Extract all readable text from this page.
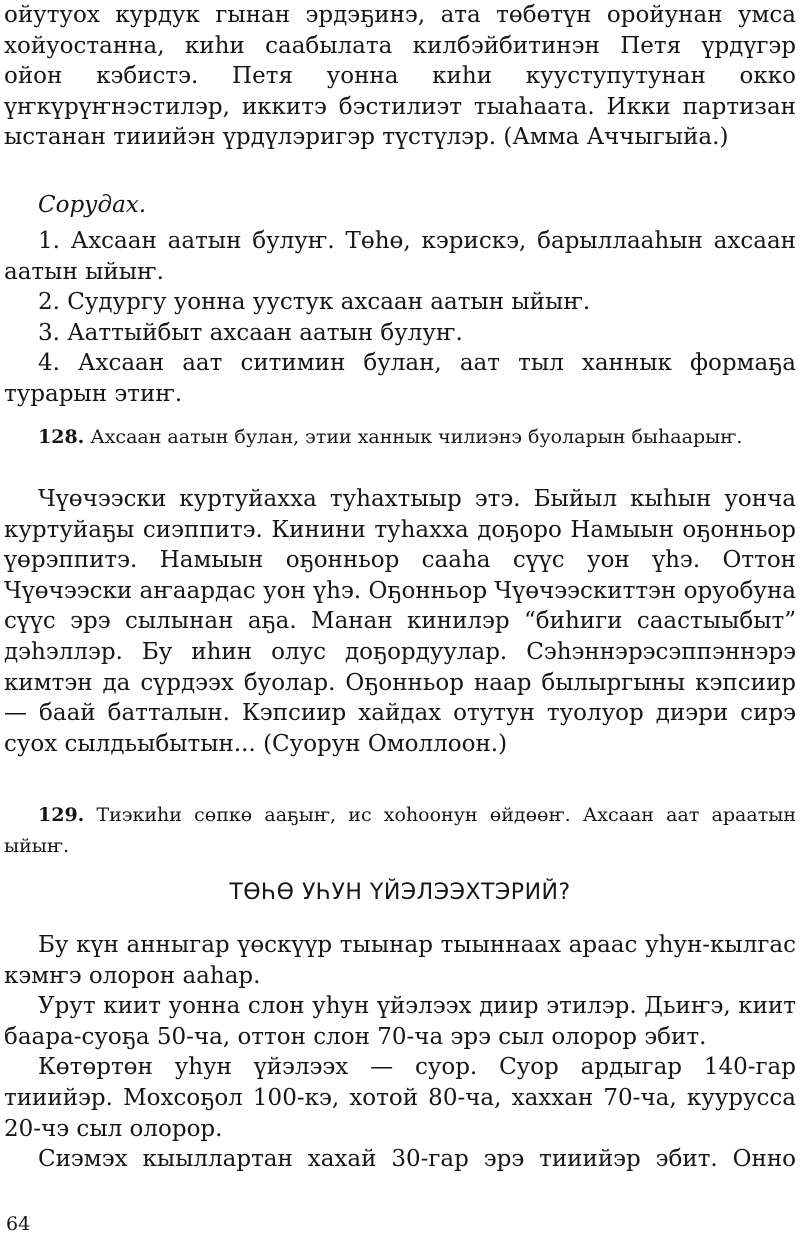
ойутуох курдук гынан эрдэҕинэ, ата төбөтүн оройунан умса хойуостанна, киһи саабылата килбэйбитинэн Петя үрдүгэр ойон кэбистэ. Петя уонна киһи кууступутунан окко үҥкүрүҥнэстилэр, иккитэ бэстилиэт тыаһаата. Икки партизан ыстанан тииийэн үрдүлэригэр түстүлэр. (Амма Аччыгыйа.)

Сорудах.

1. Ахсаан аатын булуҥ. Төһө, кэрискэ, барыллааһын ахсаан аатын ыйыҥ.

2. Судургу уонна уустук ахсаан аатын ыйыҥ.

3. Ааттыйбыт ахсаан аатын булуҥ.

4. Ахсаан аат ситимин булан, аат тыл ханнык формаҕа турарын этиҥ.

128. Ахсаан аатын булан, этии ханнык чилиэнэ буоларын быһаарыҥ.

Чүөчээски куртуйаххa туһахтыыр этэ. Быйыл кыһын уонча куртуйаҕы сиэппитэ. Кинини туһахха доҕоро Намыын оҕонньор үөрэппитэ. Намыын оҕонньор сааһа сүүс уон үһэ. Оттон Чүөчээски аҥаардас уон үһэ. Оҕонньор Чүөчээскиттэн оруобуна сүүс эрэ сылынан аҕа. Манан кинилэр “биһиги саастыыбыт” дэһэллэр. Бу иһин олус доҕордуулар. Сэһэннэрэсэппэннэрэ кимтэн да сүрдээх буолар. Оҕонньор наар былыргыны кэпсиир — баай батталын. Кэпсиир хайдах отутун туолуор диэри сирэ суох сылдьыбытын... (Суорун Омоллоон.)

129. Тиэкиһи сөпкө ааҕыҥ, ис хоһоонун өйдөөҥ. Ахсаан аат араатын ыйыҥ.

ТӨҺӨ УҺУН ҮЙЭЛЭЭХТЭРИЙ?

Бу күн анныгар үөскүүр тыынар тыыннаах араас уһун-кылгас кэмҥэ олорон ааһар.

Урут киит уонна слон уһун үйэлээх диир этилэр. Дьиҥэ, киит баара-суоҕа 50-ча, оттон слон 70-ча эрэ сыл олорор эбит.

Көтөртөн уһун үйэлээх — суор. Суор ардыгар 140-гар тииийэр. Мохсоҕол 100-кэ, хотой 80-ча, хаххан 70-ча, куурусса 20-чэ сыл олорор.

Сиэмэх кыыллартан хахай 30-гар эрэ тииийэр эбит. Онно

64
